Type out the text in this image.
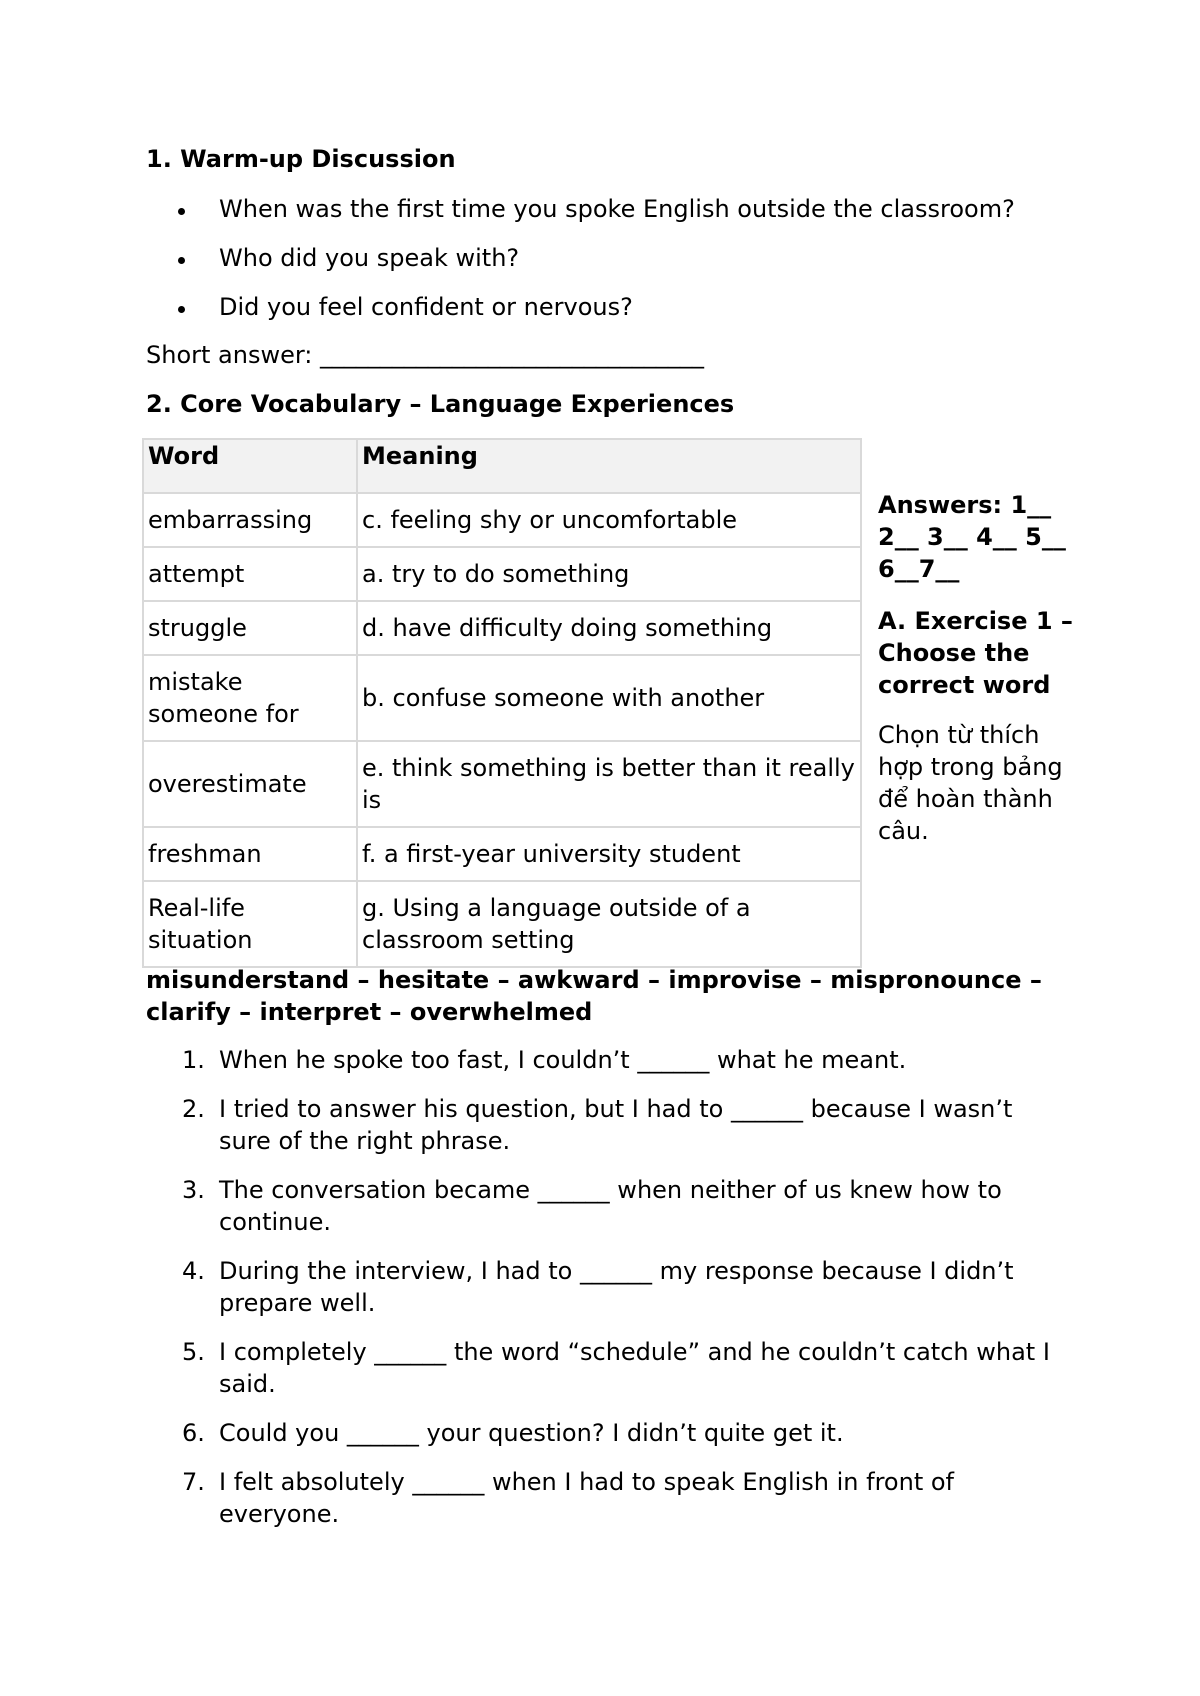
1. Warm-up Discussion

When was the first time you spoke English outside the classroom?
Who did you speak with?
Did you feel confident or nervous?

Short answer: ________________________________

2. Core Vocabulary – Language Experiences

Word	Meaning
embarrassing	c. feeling shy or uncomfortable
attempt	a. try to do something
struggle	d. have difficulty doing something
mistake someone for	b. confuse someone with another
overestimate	e. think something is better than it really is
freshman	f. a first-year university student
Real-life situation	g. Using a language outside of a classroom setting

Answers: 1__ 2__ 3__ 4__ 5__ 6__7__

A. Exercise 1 – Choose the correct word

Chọn từ thích hợp trong bảng để hoàn thành câu.

misunderstand – hesitate – awkward – improvise – mispronounce – clarify – interpret – overwhelmed

1. When he spoke too fast, I couldn’t ______ what he meant.
2. I tried to answer his question, but I had to ______ because I wasn’t sure of the right phrase.
3. The conversation became ______ when neither of us knew how to continue.
4. During the interview, I had to ______ my response because I didn’t prepare well.
5. I completely ______ the word “schedule” and he couldn’t catch what I said.
6. Could you ______ your question? I didn’t quite get it.
7. I felt absolutely ______ when I had to speak English in front of everyone.
